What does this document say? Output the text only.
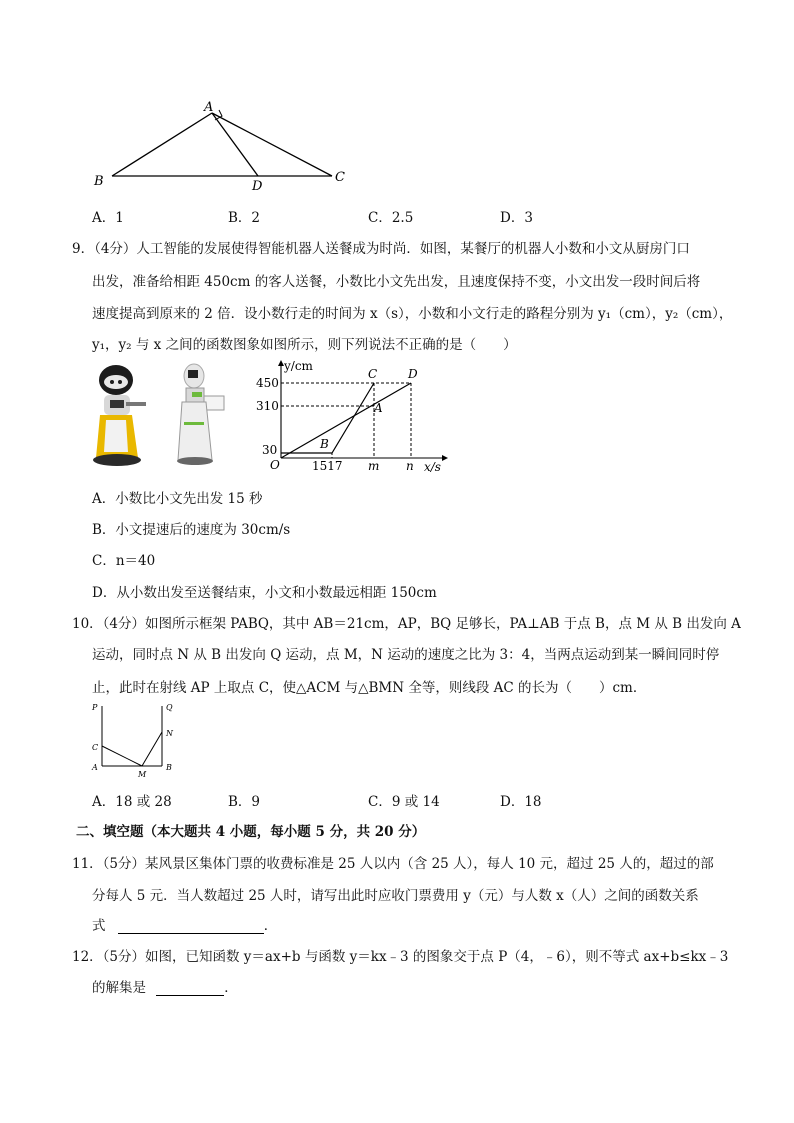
A
B	D
C
A．1	B．2	C．2.5	D．3
9．（4分）人工智能的发展使得智能机器人送餐成为时尚．如图，某餐厅的机器人小数和小文从厨房门口
出发，准备给相距 450cm 的客人送餐，小数比小文先出发，且速度保持不变，小文出发一段时间后将
速度提高到原来的 2 倍．设小数行走的时间为 x（s），小数和小文行走的路程分别为 y₁（cm），y₂（cm），
y₁，y₂ 与 x 之间的函数图象如图所示，则下列说法不正确的是（　　）
y/cm
x/s
450
310
30
O	1517 m n
C	D
A
B
A．小数比小文先出发 15 秒
B．小文提速后的速度为 30cm/s
C．n＝40
D．从小数出发至送餐结束，小文和小数最远相距 150cm
10．（4分）如图所示框架 PABQ，其中 AB＝21cm，AP，BQ 足够长，PA⊥AB 于点 B，点 M 从 B 出发向 A
运动，同时点 N 从 B 出发向 Q 运动，点 M，N 运动的速度之比为 3：4，当两点运动到某一瞬间同时停
止，此时在射线 AP 上取点 C，使△ACM 与△BMN 全等，则线段 AC 的长为（　　）cm．
P	Q
C
N
A
M
B
A．18 或 28	B．9	C．9 或 14	D．18
二、填空题（本大题共 4 小题，每小题 5 分，共 20 分）
11．（5分）某风景区集体门票的收费标准是 25 人以内（含 25 人），每人 10 元，超过 25 人的，超过的部
分每人 5 元．当人数超过 25 人时，请写出此时应收门票费用 y（元）与人数 x（人）之间的函数关系
式	．
12．（5分）如图，已知函数 y＝ax+b 与函数 y＝kx﹣3 的图象交于点 P（4，﹣6），则不等式 ax+b≤kx﹣3
的解集是	．
